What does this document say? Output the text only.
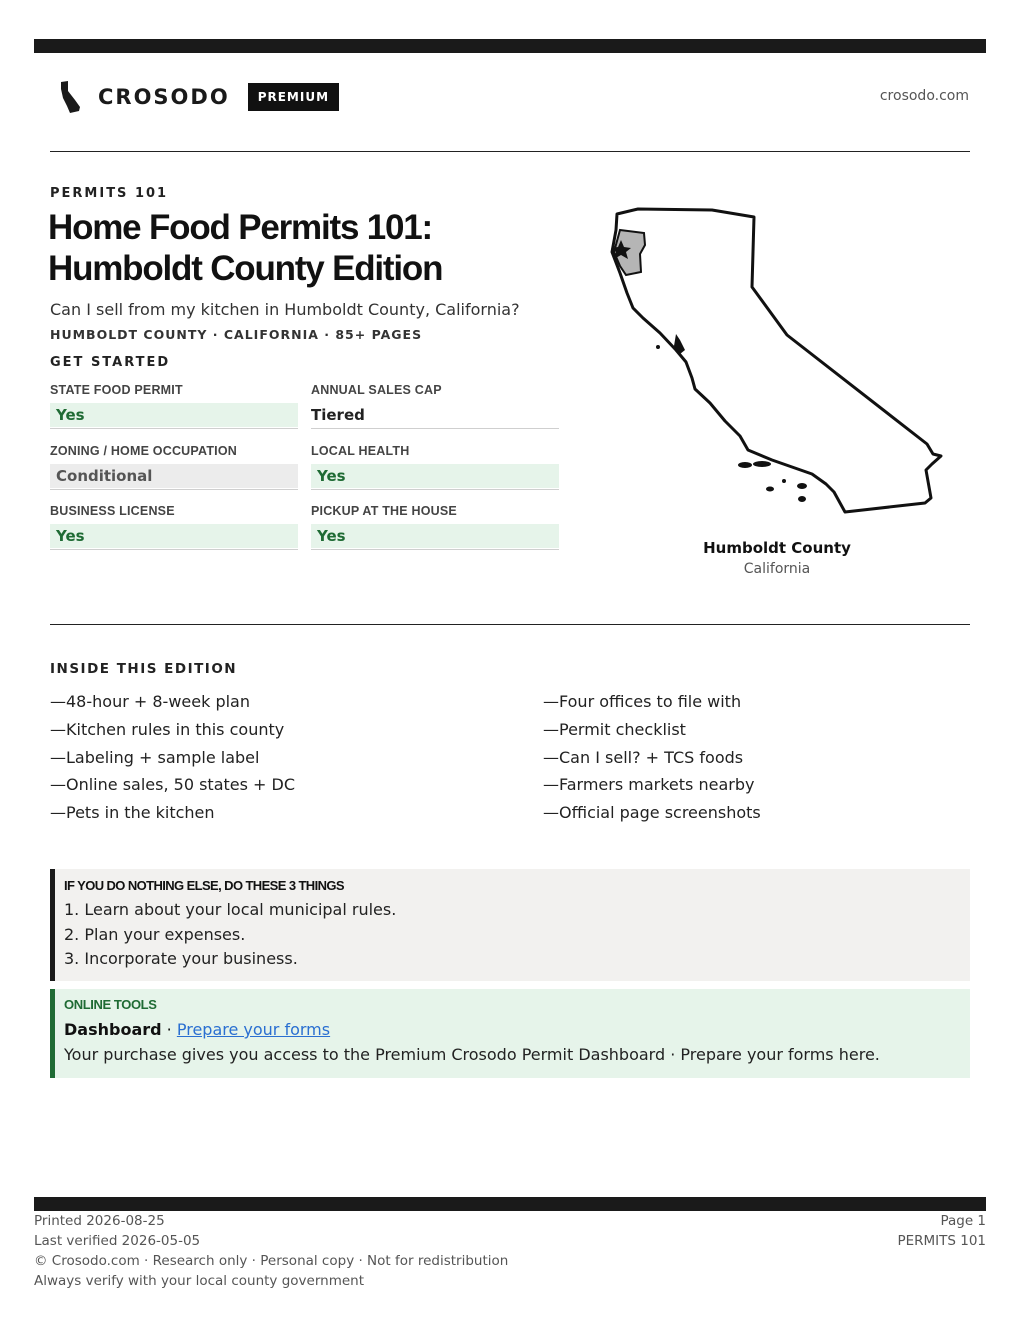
CROSODO	PREMIUM	crosodo.com
PERMITS 101
Home Food Permits 101:
Humboldt County Edition
Can I sell from my kitchen in Humboldt County, California?
HUMBOLDT COUNTY · CALIFORNIA · 85+ PAGES
GET STARTED
STATE FOOD PERMIT
Yes
ANNUAL SALES CAP
Tiered
ZONING / HOME OCCUPATION
Conditional
LOCAL HEALTH
Yes
BUSINESS LICENSE
Yes
PICKUP AT THE HOUSE
Yes
Humboldt County
California
INSIDE THIS EDITION
—48-hour + 8-week plan
—Kitchen rules in this county
—Labeling + sample label
—Online sales, 50 states + DC
—Pets in the kitchen
—Four offices to file with
—Permit checklist
—Can I sell? + TCS foods
—Farmers markets nearby
—Official page screenshots
IF YOU DO NOTHING ELSE, DO THESE 3 THINGS
1. Learn about your local municipal rules.
2. Plan your expenses.
3. Incorporate your business.
ONLINE TOOLS
Dashboard · Prepare your forms
Your purchase gives you access to the Premium Crosodo Permit Dashboard · Prepare your forms here.
Printed 2026-08-25
Last verified 2026-05-05
© Crosodo.com · Research only · Personal copy · Not for redistribution
Always verify with your local county government
Page 1
PERMITS 101
